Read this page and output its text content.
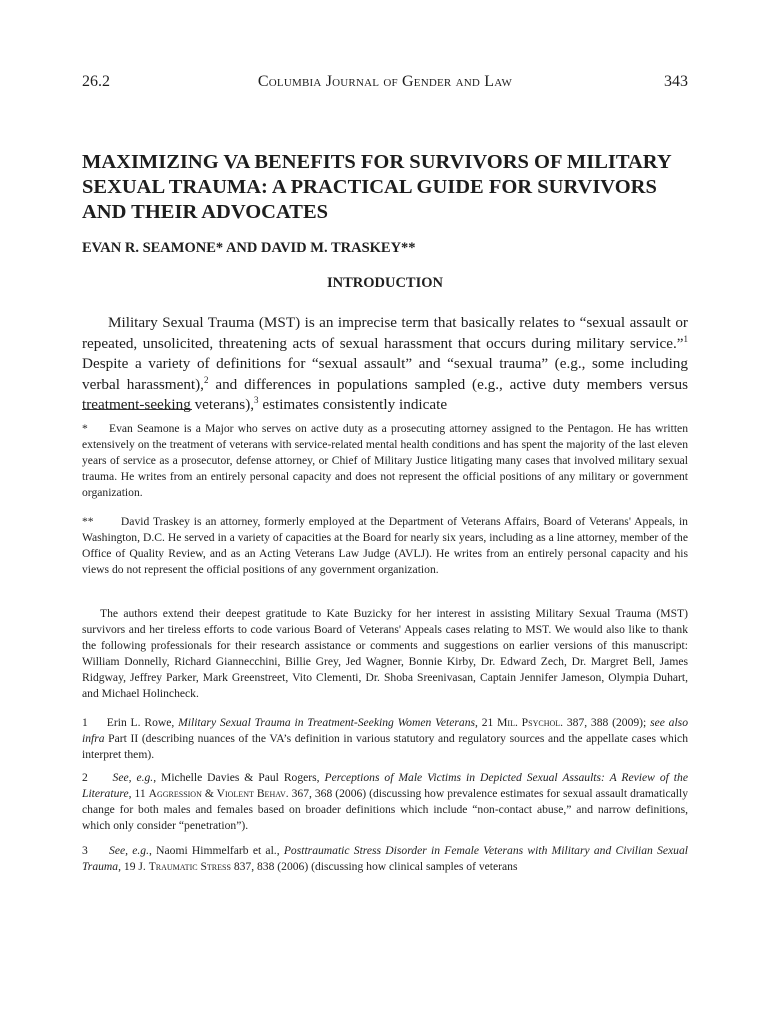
26.2	Columbia Journal of Gender and Law	343
MAXIMIZING VA BENEFITS FOR SURVIVORS OF MILITARY SEXUAL TRAUMA: A PRACTICAL GUIDE FOR SURVIVORS AND THEIR ADVOCATES

EVAN R. SEAMONE* AND DAVID M. TRASKEY**

INTRODUCTION

Military Sexual Trauma (MST) is an imprecise term that basically relates to “sexual assault or repeated, unsolicited, threatening acts of sexual harassment that occurs during military service.”$^1$ Despite a variety of definitions for “sexual assault” and “sexual trauma” (e.g., some including verbal harassment),$^2$ and differences in populations sampled (e.g., active duty members versus treatment-seeking veterans),$^3$ estimates consistently indicate

* Evan Seamone is a Major who serves on active duty as a prosecuting attorney assigned to the Pentagon. He has written extensively on the treatment of veterans with service-related mental health conditions and has spent the majority of the last eleven years of service as a prosecutor, defense attorney, or Chief of Military Justice litigating many cases that involved military sexual trauma. He writes from an entirely personal capacity and does not represent the official positions of any military or government organization.

** David Traskey is an attorney, formerly employed at the Department of Veterans Affairs, Board of Veterans' Appeals, in Washington, D.C. He served in a variety of capacities at the Board for nearly six years, including as a line attorney, member of the Office of Quality Review, and as an Acting Veterans Law Judge (AVLJ). He writes from an entirely personal capacity and his views do not represent the official positions of any government organization.

The authors extend their deepest gratitude to Kate Buzicky for her interest in assisting Military Sexual Trauma (MST) survivors and her tireless efforts to code various Board of Veterans' Appeals cases relating to MST. We would also like to thank the following professionals for their research assistance or comments and suggestions on earlier versions of this manuscript: William Donnelly, Richard Giannecchini, Billie Grey, Jed Wagner, Bonnie Kirby, Dr. Edward Zech, Dr. Margret Bell, James Ridgway, Jeffrey Parker, Mark Greenstreet, Vito Clementi, Dr. Shoba Sreenivasan, Captain Jennifer Jameson, Olympia Duhart, and Michael Holincheck.

1 Erin L. Rowe, Military Sexual Trauma in Treatment-Seeking Women Veterans, 21 Mil. Psychol. 387, 388 (2009); see also infra Part II (describing nuances of the VA’s definition in various statutory and regulatory sources and the appellate cases which interpret them).

2 See, e.g., Michelle Davies & Paul Rogers, Perceptions of Male Victims in Depicted Sexual Assaults: A Review of the Literature, 11 Aggression & Violent Behav. 367, 368 (2006) (discussing how prevalence estimates for sexual assault dramatically change for both males and females based on broader definitions which include “non-contact abuse,” and narrow definitions, which only consider “penetration”).

3 See, e.g., Naomi Himmelfarb et al., Posttraumatic Stress Disorder in Female Veterans with Military and Civilian Sexual Trauma, 19 J. Traumatic Stress 837, 838 (2006) (discussing how clinical samples of veterans
